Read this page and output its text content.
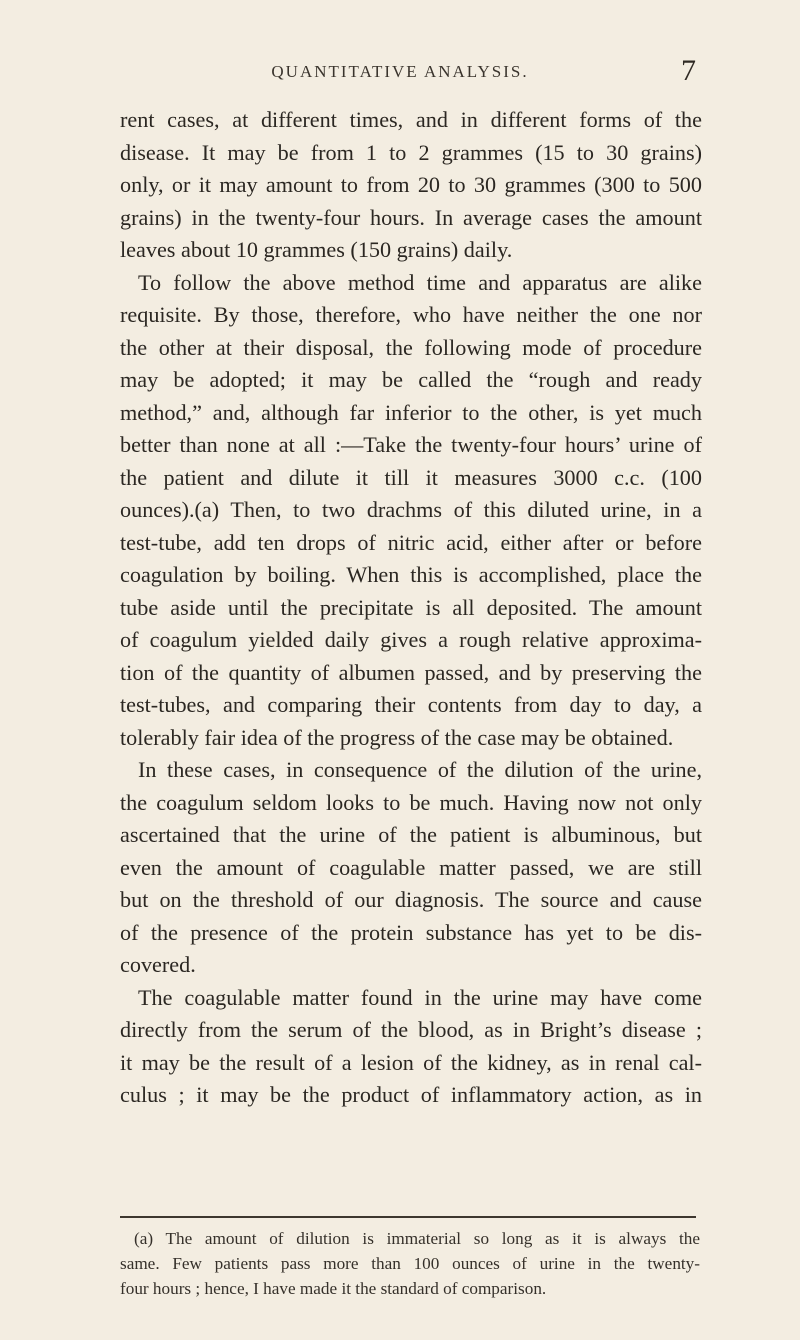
QUANTITATIVE ANALYSIS.	7
rent cases, at different times, and in different forms of the
disease. It may be from 1 to 2 grammes (15 to 30 grains)
only, or it may amount to from 20 to 30 grammes (300 to 500
grains) in the twenty-four hours. In average cases the amount
leaves about 10 grammes (150 grains) daily.
To follow the above method time and apparatus are alike
requisite. By those, therefore, who have neither the one nor
the other at their disposal, the following mode of procedure
may be adopted; it may be called the “rough and ready
method,” and, although far inferior to the other, is yet much
better than none at all :—Take the twenty-four hours’ urine of
the patient and dilute it till it measures 3000 c.c. (100
ounces).(a) Then, to two drachms of this diluted urine, in a
test-tube, add ten drops of nitric acid, either after or before
coagulation by boiling. When this is accomplished, place the
tube aside until the precipitate is all deposited. The amount
of coagulum yielded daily gives a rough relative approxima-
tion of the quantity of albumen passed, and by preserving the
test-tubes, and comparing their contents from day to day, a
tolerably fair idea of the progress of the case may be obtained.
In these cases, in consequence of the dilution of the urine,
the coagulum seldom looks to be much. Having now not only
ascertained that the urine of the patient is albuminous, but
even the amount of coagulable matter passed, we are still
but on the threshold of our diagnosis. The source and cause
of the presence of the protein substance has yet to be dis-
covered.
The coagulable matter found in the urine may have come
directly from the serum of the blood, as in Bright’s disease ;
it may be the result of a lesion of the kidney, as in renal cal-
culus ; it may be the product of inflammatory action, as in
(a) The amount of dilution is immaterial so long as it is always the
same. Few patients pass more than 100 ounces of urine in the twenty-
four hours ; hence, I have made it the standard of comparison.
